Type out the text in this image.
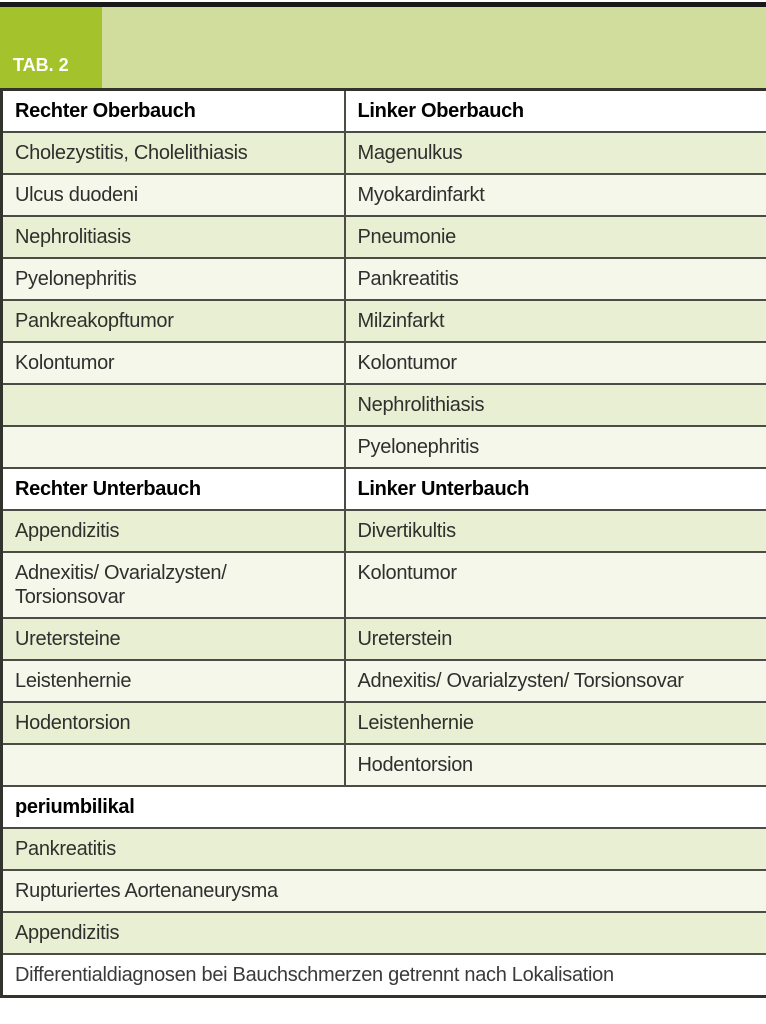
TAB. 2
Rechter Oberbauch	Linker Oberbauch
Cholezystitis, Cholelithiasis	Magenulkus
Ulcus duodeni	Myokardinfarkt
Nephrolitiasis	Pneumonie
Pyelonephritis	Pankreatitis
Pankreakopftumor	Milzinfarkt
Kolontumor	Kolontumor
	Nephrolithiasis
	Pyelonephritis
Rechter Unterbauch	Linker Unterbauch
Appendizitis	Divertikultis
Adnexitis/ Ovarialzysten/ Torsionsovar	Kolontumor
Uretersteine	Ureterstein
Leistenhernie	Adnexitis/ Ovarialzysten/ Torsionsovar
Hodentorsion	Leistenhernie
	Hodentorsion
periumbilikal	
Pankreatitis	
Rupturiertes Aortenaneurysma	
Appendizitis	
Differentialdiagnosen bei Bauchschmerzen getrennt nach Lokalisation	
